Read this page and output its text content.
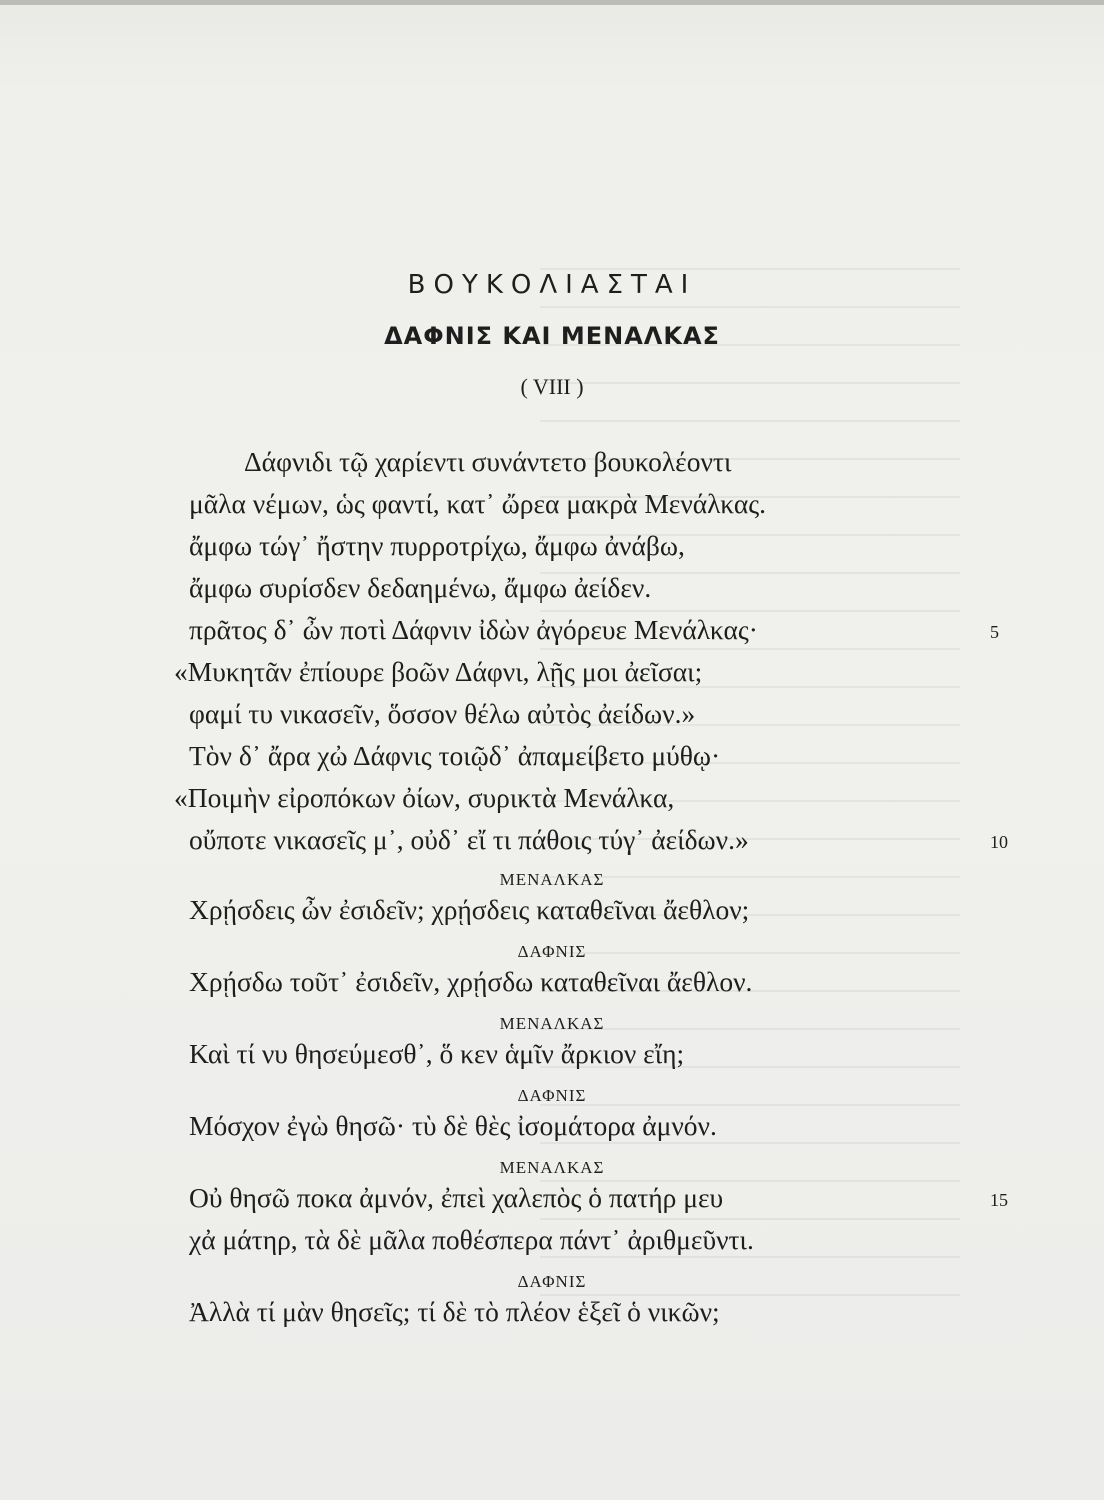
ΒΟΥΚΟΛΙΑΣΤΑΙ
ΔΑΦΝΙΣ ΚΑΙ ΜΕΝΑΛΚΑΣ
( VIII )
Δάφνιδι τῷ χαρίεντι συνάντετο βουκολέοντι
μᾶλα νέμων, ὡς φαντί, κατ᾽ ὤρεα μακρὰ Μενάλκας.
ἄμφω τώγ᾽ ἤστην πυρροτρίχω, ἄμφω ἀνάβω,
ἄμφω συρίσδεν δεδαημένω, ἄμφω ἀείδεν.
πρᾶτος δ᾽ ὦν ποτὶ Δάφνιν ἰδὼν ἀγόρευε Μενάλκας·	5
«Μυκητᾶν ἐπίουρε βοῶν Δάφνι, λῇς μοι ἀεῖσαι;
φαμί τυ νικασεῖν, ὅσσον θέλω αὐτὸς ἀείδων.»
Τὸν δ᾽ ἄρα χὠ Δάφνις τοιῷδ᾽ ἀπαμείβετο μύθῳ·
«Ποιμὴν εἰροπόκων ὀίων, συρικτὰ Μενάλκα,
οὔποτε νικασεῖς μ᾽, οὐδ᾽ εἴ τι πάθοις τύγ᾽ ἀείδων.»	10
ΜΕΝΑΛΚΑΣ
Χρῄσδεις ὦν ἐσιδεῖν; χρῄσδεις καταθεῖναι ἄεθλον;
ΔΑΦΝΙΣ
Χρῄσδω τοῦτ᾽ ἐσιδεῖν, χρῄσδω καταθεῖναι ἄεθλον.
ΜΕΝΑΛΚΑΣ
Καὶ τί νυ θησεύμεσθ᾽, ὅ κεν ἁμῖν ἄρκιον εἴη;
ΔΑΦΝΙΣ
Μόσχον ἐγὼ θησῶ· τὺ δὲ θὲς ἰσομάτορα ἀμνόν.
ΜΕΝΑΛΚΑΣ
Οὐ θησῶ ποκα ἀμνόν, ἐπεὶ χαλεπὸς ὁ πατήρ μευ	15
χἀ μάτηρ, τὰ δὲ μᾶλα ποθέσπερα πάντ᾽ ἀριθμεῦντι.
ΔΑΦΝΙΣ
Ἀλλὰ τί μὰν θησεῖς; τί δὲ τὸ πλέον ἑξεῖ ὁ νικῶν;
